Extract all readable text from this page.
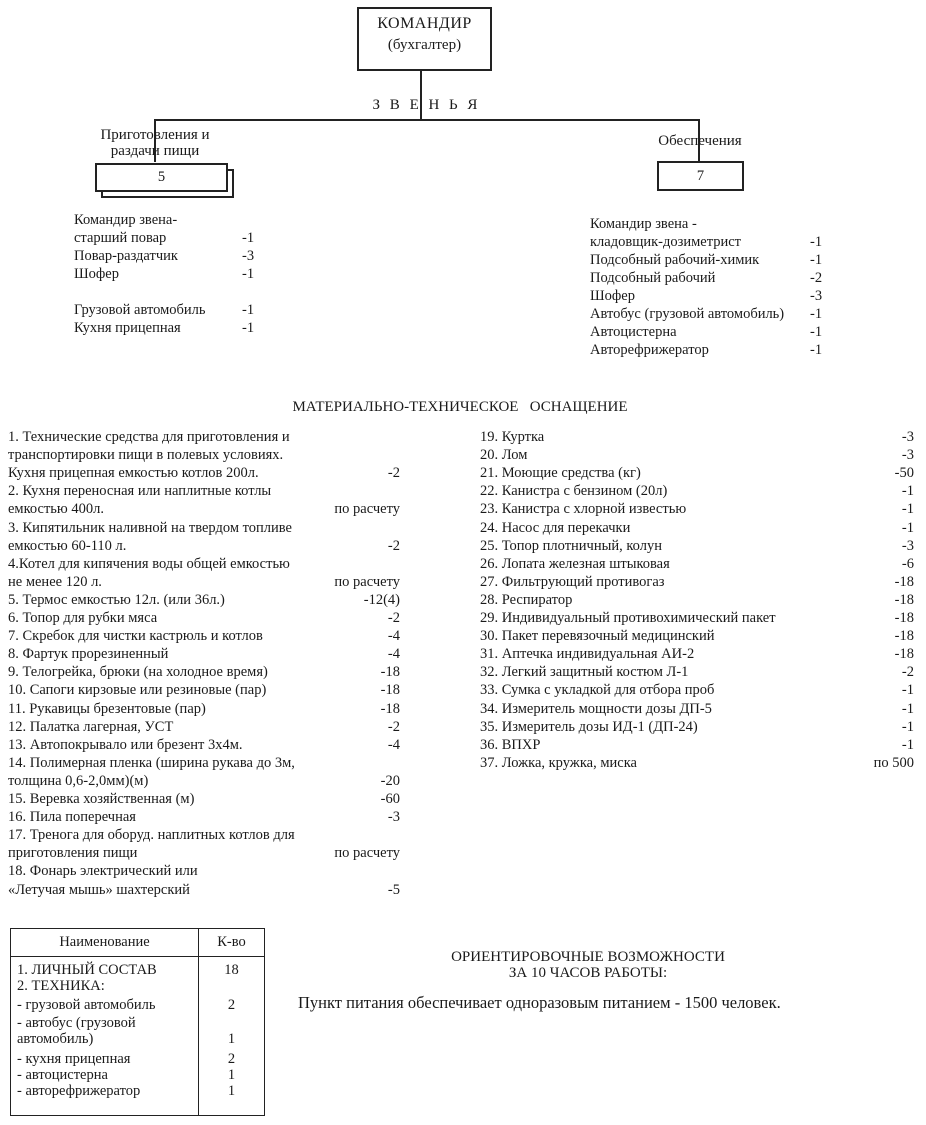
КОМАНДИР
(бухгалтер)
З В Е Н Ь Я
Приготовления и
раздачи пищи
5
Обеспечения
7
Командир звена-
старший повар	-1
Повар-раздатчик	-3
Шофер	-1
Грузовой автомобиль	-1
Кухня прицепная	-1
Командир звена -
кладовщик-дозиметрист	-1
Подсобный рабочий-химик	-1
Подсобный рабочий	-2
Шофер	-3
Автобус (грузовой автомобиль) -1
Автоцистерна	-1
Авторефрижератор	-1
МАТЕРИАЛЬНО-ТЕХНИЧЕСКОЕ   ОСНАЩЕНИЕ
1. Технические средства для приготовления и
транспортировки пищи в полевых условиях.
Кухня прицепная емкостью котлов 200л.	-2
2. Кухня переносная или наплитные котлы
емкостью 400л.	по расчету
3. Кипятильник наливной на твердом топливе
емкостью 60-110 л.	-2
4.Котел для кипячения воды общей емкостью
не менее 120 л.	по расчету
5. Термос емкостью 12л. (или 36л.)	-12(4)
6. Топор для рубки мяса	-2
7. Скребок для чистки кастрюль и котлов	-4
8. Фартук прорезиненный	-4
9. Телогрейка, брюки (на холодное время)	-18
10. Сапоги кирзовые или резиновые (пар)	-18
11. Рукавицы брезентовые (пар)	-18
12. Палатка лагерная, УСТ	-2
13. Автопокрывало или брезент 3х4м.	-4
14. Полимерная пленка (ширина рукава до 3м,
толщина 0,6-2,0мм)(м)	-20
15. Веревка хозяйственная (м)	-60
16. Пила поперечная	-3
17. Тренога для оборуд. наплитных котлов для
приготовления пищи	по расчету
18. Фонарь электрический или
«Летучая мышь» шахтерский	-5
19. Куртка	-3
20. Лом	-3
21. Моющие средства (кг)	-50
22. Канистра с бензином (20л)	-1
23. Канистра с хлорной известью	-1
24. Насос для перекачки	-1
25. Топор плотничный, колун	-3
26. Лопата железная штыковая	-6
27. Фильтрующий противогаз	-18
28. Респиратор	-18
29. Индивидуальный противохимический пакет	-18
30. Пакет перевязочный медицинский	-18
31. Аптечка индивидуальная АИ-2	-18
32. Легкий защитный костюм Л-1	-2
33. Сумка с укладкой для отбора проб	-1
34. Измеритель мощности дозы ДП-5	-1
35. Измеритель дозы ИД-1 (ДП-24)	-1
36. ВПХР	-1
37. Ложка, кружка, миска	по 500
Наименование	К-во
1. ЛИЧНЫЙ СОСТАВ	18
2. ТЕХНИКА:
- грузовой автомобиль	2
- автобус (грузовой
автомобиль)	1
- кухня прицепная	2
- автоцистерна	1
- авторефрижератор	1
ОРИЕНТИРОВОЧНЫЕ ВОЗМОЖНОСТИ
ЗА 10 ЧАСОВ РАБОТЫ:
Пункт питания обеспечивает одноразовым питанием - 1500 человек.
